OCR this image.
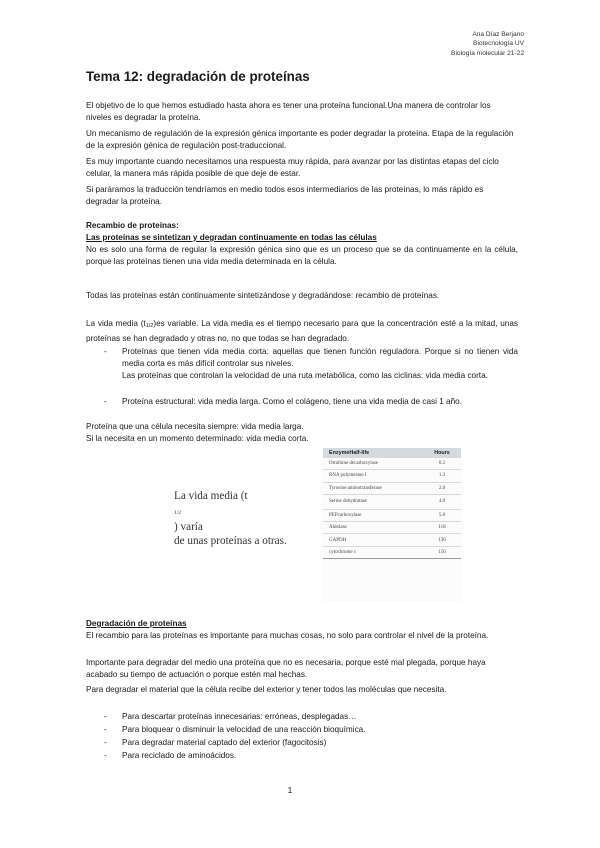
Ana Díaz Berjano
Biotecnología UV
Biología molecular 21-22
Tema 12: degradación de proteínas

El objetivo de lo que hemos estudiado hasta ahora es tener una proteína funcional.Una manera de controlar los niveles es degradar la proteína.

Un mecanismo de regulación de la expresión génica importante es poder degradar la proteína. Etapa de la regulación de la expresión génica de regulación post-traduccional.

Es muy importante cuando necesitamos una respuesta muy rápida, para avanzar por las distintas etapas del ciclo celular, la manera más rápida posible de que deje de estar.

Si paráramos la traducción tendríamos en medio todos esos intermediarios de las proteínas, lo más rápido es degradar la proteína.

Recambio de proteínas:

Las proteínas se sintetizan y degradan continuamente en todas las células

No es solo una forma de regular la expresión génica sino que es un proceso que se da continuamente en la célula, porque las proteínas tienen una vida media determinada en la célula.

Todas las proteínas están continuamente sintetizándose y degradándose: recambio de proteínas.

La vida media $(t_{1/2})es$ variable. La vida media es el tiempo necesario para que la concentración esté a la mitad, unas proteínas se han degradado y otras no, no que todas se han degradado.

- Proteínas que tienen vida media corta: aquellas que tienen función reguladora. Porque si no tienen vida media corta es más difícil controlar sus niveles.

Las proteínas que controlan la velocidad de una ruta metabólica, como las ciclinas: vida media corta.

- Proteína estructural: vida media larga. Como el colágeno, tiene una vida media de casi 1 año.

Proteína que una célula necesita siempre: vida media larga.

Si la necesita en un momento determinado: vida media corta.

La vida media (t
$_{1/2}$
) varía
de unas proteínas a otras.
EnzymeHalf-life	Hours
Ornithine decarboxylase	0.2
RNA polymerase I	1.3
Tyrosine aminotransferase	2.0
Serine dehydratase	4.0
PEPcarboxylase	5.0
Aldolase	118
GAPDH	130
cytochrome c	150

Degradación de proteínas

El recambio para las proteínas es importante para muchas cosas, no solo para controlar el nivel de la proteína.

Importante para degradar del medio una proteína que no es necesaria, porque esté mal plegada, porque haya acabado su tiempo de actuación o porque estén mal hechas.

Para degradar el material que la célula recibe del exterior y tener todos las moléculas que necesita.

- Para descartar proteínas innecesarias: erróneas, desplegadas…

- Para bloquear o disminuir la velocidad de una reacción bioquímica.

- Para degradar material captado del exterior (fagocitosis)

- Para reciclado de aminoácidos.

1
